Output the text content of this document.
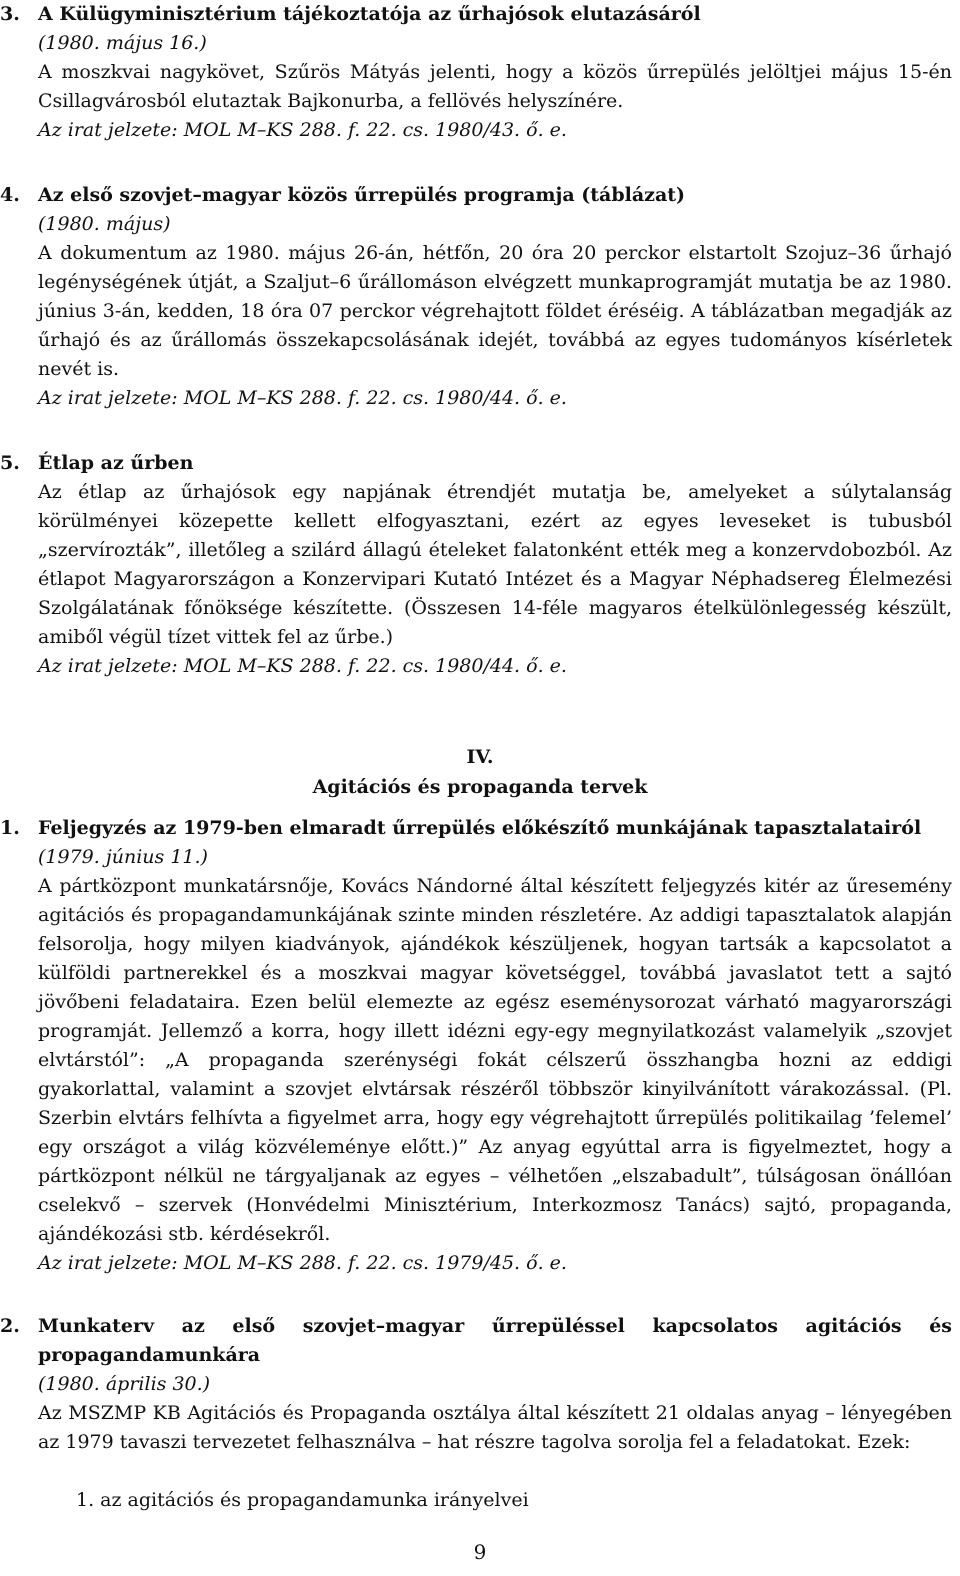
3. A Külügyminisztérium tájékoztatója az űrhajósok elutazásáról
(1980. május 16.)
A moszkvai nagykövet, Szűrös Mátyás jelenti, hogy a közös űrrepülés jelöltjei május 15-én Csillagvárosból elutaztak Bajkonurba, a fellövés helyszínére.
Az irat jelzete: MOL M–KS 288. f. 22. cs. 1980/43. ő. e.
4. Az első szovjet–magyar közös űrrepülés programja (táblázat)
(1980. május)
A dokumentum az 1980. május 26-án, hétfőn, 20 óra 20 perckor elstartolt Szojuz–36 űrhajó legénységének útját, a Szaljut–6 űrállomáson elvégzett munkaprogramját mutatja be az 1980. június 3-án, kedden, 18 óra 07 perckor végrehajtott földet éréséig. A táblázatban megadják az űrhajó és az űrállomás összekapcsolásának idejét, továbbá az egyes tudományos kísérletek nevét is.
Az irat jelzete: MOL M–KS 288. f. 22. cs. 1980/44. ő. e.
5. Étlap az űrben
Az étlap az űrhajósok egy napjának étrendjét mutatja be, amelyeket a súlytalanság körülményei közepette kellett elfogyasztani, ezért az egyes leveseket is tubusból „szervírozták”, illetőleg a szilárd állagú ételeket falatonként ették meg a konzervdobozból. Az étlapot Magyarországon a Konzervipari Kutató Intézet és a Magyar Néphadsereg Élelmezési Szolgálatának főnöksége készítette. (Összesen 14-féle magyaros ételkülönlegesség készült, amiből végül tízet vittek fel az űrbe.)
Az irat jelzete: MOL M–KS 288. f. 22. cs. 1980/44. ő. e.
IV.
Agitációs és propaganda tervek
1. Feljegyzés az 1979-ben elmaradt űrrepülés előkészítő munkájának tapasztalatairól
(1979. június 11.)
A pártközpont munkatársnője, Kovács Nándorné által készített feljegyzés kitér az űresemény agitációs és propagandamunkájának szinte minden részletére. Az addigi tapasztalatok alapján felsorolja, hogy milyen kiadványok, ajándékok készüljenek, hogyan tartsák a kapcsolatot a külföldi partnerekkel és a moszkvai magyar követséggel, továbbá javaslatot tett a sajtó jövőbeni feladataira. Ezen belül elemezte az egész eseménysorozat várható magyarországi programját. Jellemző a korra, hogy illett idézni egy-egy megnyilatkozást valamelyik „szovjet elvtárstól”: „A propaganda szerénységi fokát célszerű összhangba hozni az eddigi gyakorlattal, valamint a szovjet elvtársak részéről többször kinyilvánított várakozással. (Pl. Szerbin elvtárs felhívta a figyelmet arra, hogy egy végrehajtott űrrepülés politikailag ’felemel’ egy országot a világ közvéleménye előtt.)” Az anyag egyúttal arra is figyelmeztet, hogy a pártközpont nélkül ne tárgyaljanak az egyes – vélhetően „elszabadult”, túlságosan önállóan cselekvő – szervek (Honvédelmi Minisztérium, Interkozmosz Tanács) sajtó, propaganda, ajándékozási stb. kérdésekről.
Az irat jelzete: MOL M–KS 288. f. 22. cs. 1979/45. ő. e.
2. Munkaterv az első szovjet–magyar űrrepüléssel kapcsolatos agitációs és propagandamunkára
(1980. április 30.)
Az MSZMP KB Agitációs és Propaganda osztálya által készített 21 oldalas anyag – lényegében az 1979 tavaszi tervezetet felhasználva – hat részre tagolva sorolja fel a feladatokat. Ezek:
1. az agitációs és propagandamunka irányelvei
9
